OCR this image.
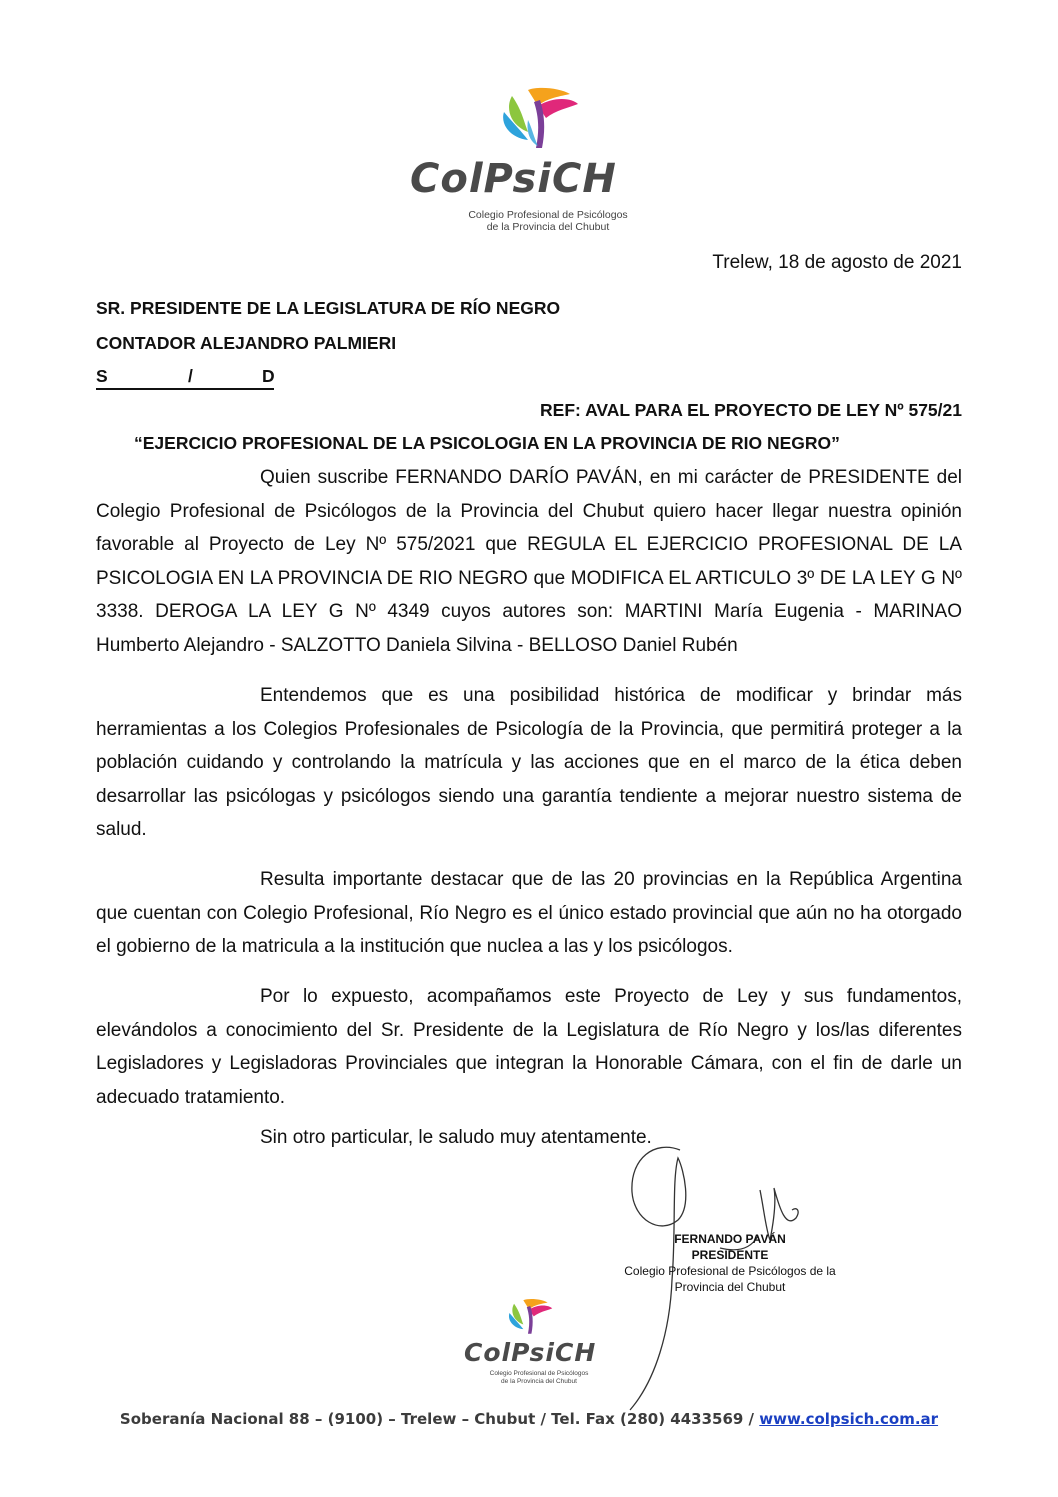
ColPsiCH
Colegio Profesional de Psicólogos
de la Provincia del Chubut
Trelew, 18 de agosto de 2021
SR. PRESIDENTE DE LA LEGISLATURA DE RÍO NEGRO
CONTADOR ALEJANDRO PALMIERI
S	/	D
REF: AVAL PARA EL PROYECTO DE LEY Nº 575/21
“EJERCICIO PROFESIONAL DE LA PSICOLOGIA EN LA PROVINCIA DE RIO NEGRO”

Quien suscribe FERNANDO DARÍO PAVÁN, en mi carácter de PRESIDENTE del Colegio Profesional de Psicólogos de la Provincia del Chubut quiero hacer llegar nuestra opinión favorable al Proyecto de Ley Nº 575/2021 que REGULA EL EJERCICIO PROFESIONAL DE LA PSICOLOGIA EN LA PROVINCIA DE RIO NEGRO que MODIFICA EL ARTICULO 3º DE LA LEY G Nº 3338. DEROGA LA LEY G Nº 4349 cuyos autores son: MARTINI María Eugenia - MARINAO Humberto Alejandro - SALZOTTO Daniela Silvina - BELLOSO Daniel Rubén

Entendemos que es una posibilidad histórica de modificar y brindar más herramientas a los Colegios Profesionales de Psicología de la Provincia, que permitirá proteger a la población cuidando y controlando la matrícula y las acciones que en el marco de la ética deben desarrollar las psicólogas y psicólogos siendo una garantía tendiente a mejorar nuestro sistema de salud.

Resulta importante destacar que de las 20 provincias en la República Argentina que cuentan con Colegio Profesional, Río Negro es el único estado provincial que aún no ha otorgado el gobierno de la matricula a la institución que nuclea a las y los psicólogos.

Por lo expuesto, acompañamos este Proyecto de Ley y sus fundamentos, elevándolos a conocimiento del Sr. Presidente de la Legislatura de Río Negro y los/las diferentes Legisladores y Legisladoras Provinciales que integran la Honorable Cámara, con el fin de darle un adecuado tratamiento.

Sin otro particular, le saludo muy atentamente.
FERNANDO PAVÁN
PRESIDENTE
Colegio Profesional de Psicólogos de la
Provincia del Chubut
ColPsiCH
Colegio Profesional de Psicólogos
de la Provincia del Chubut
Soberanía Nacional 88 – (9100) – Trelew – Chubut / Tel. Fax (280) 4433569 / www.colpsich.com.ar
